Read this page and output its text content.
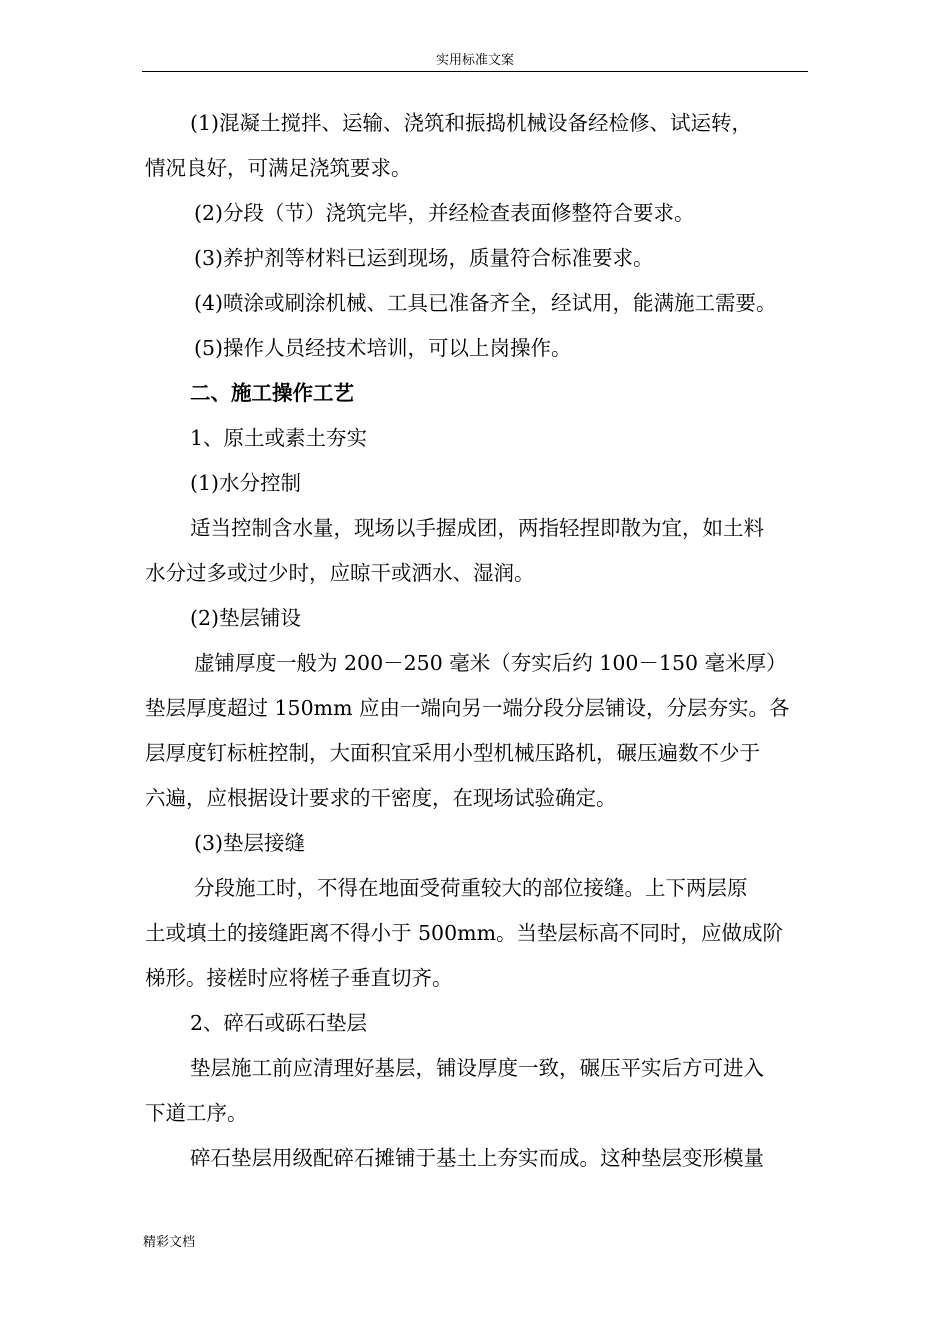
实用标准文案
(1)混凝土搅拌、运输、浇筑和振捣机械设备经检修、试运转，
情况良好，可满足浇筑要求。
(2)分段（节）浇筑完毕，并经检查表面修整符合要求。
(3)养护剂等材料已运到现场，质量符合标准要求。
(4)喷涂或刷涂机械、工具已准备齐全，经试用，能满施工需要。
(5)操作人员经技术培训，可以上岗操作。
二、施工操作工艺
1、原土或素土夯实
(1)水分控制
适当控制含水量，现场以手握成团，两指轻捏即散为宜，如土料
水分过多或过少时，应晾干或洒水、湿润。
(2)垫层铺设
虚铺厚度一般为 200－250 毫米（夯实后约 100－150 毫米厚）
垫层厚度超过 150mm 应由一端向另一端分段分层铺设，分层夯实。各
层厚度钉标桩控制，大面积宜采用小型机械压路机，碾压遍数不少于
六遍，应根据设计要求的干密度，在现场试验确定。
(3)垫层接缝
分段施工时，不得在地面受荷重较大的部位接缝。上下两层原
土或填土的接缝距离不得小于 500mm。当垫层标高不同时，应做成阶
梯形。接槎时应将槎子垂直切齐。
2、碎石或砾石垫层
垫层施工前应清理好基层，铺设厚度一致，碾压平实后方可进入
下道工序。
碎石垫层用级配碎石摊铺于基土上夯实而成。这种垫层变形模量
精彩文档
